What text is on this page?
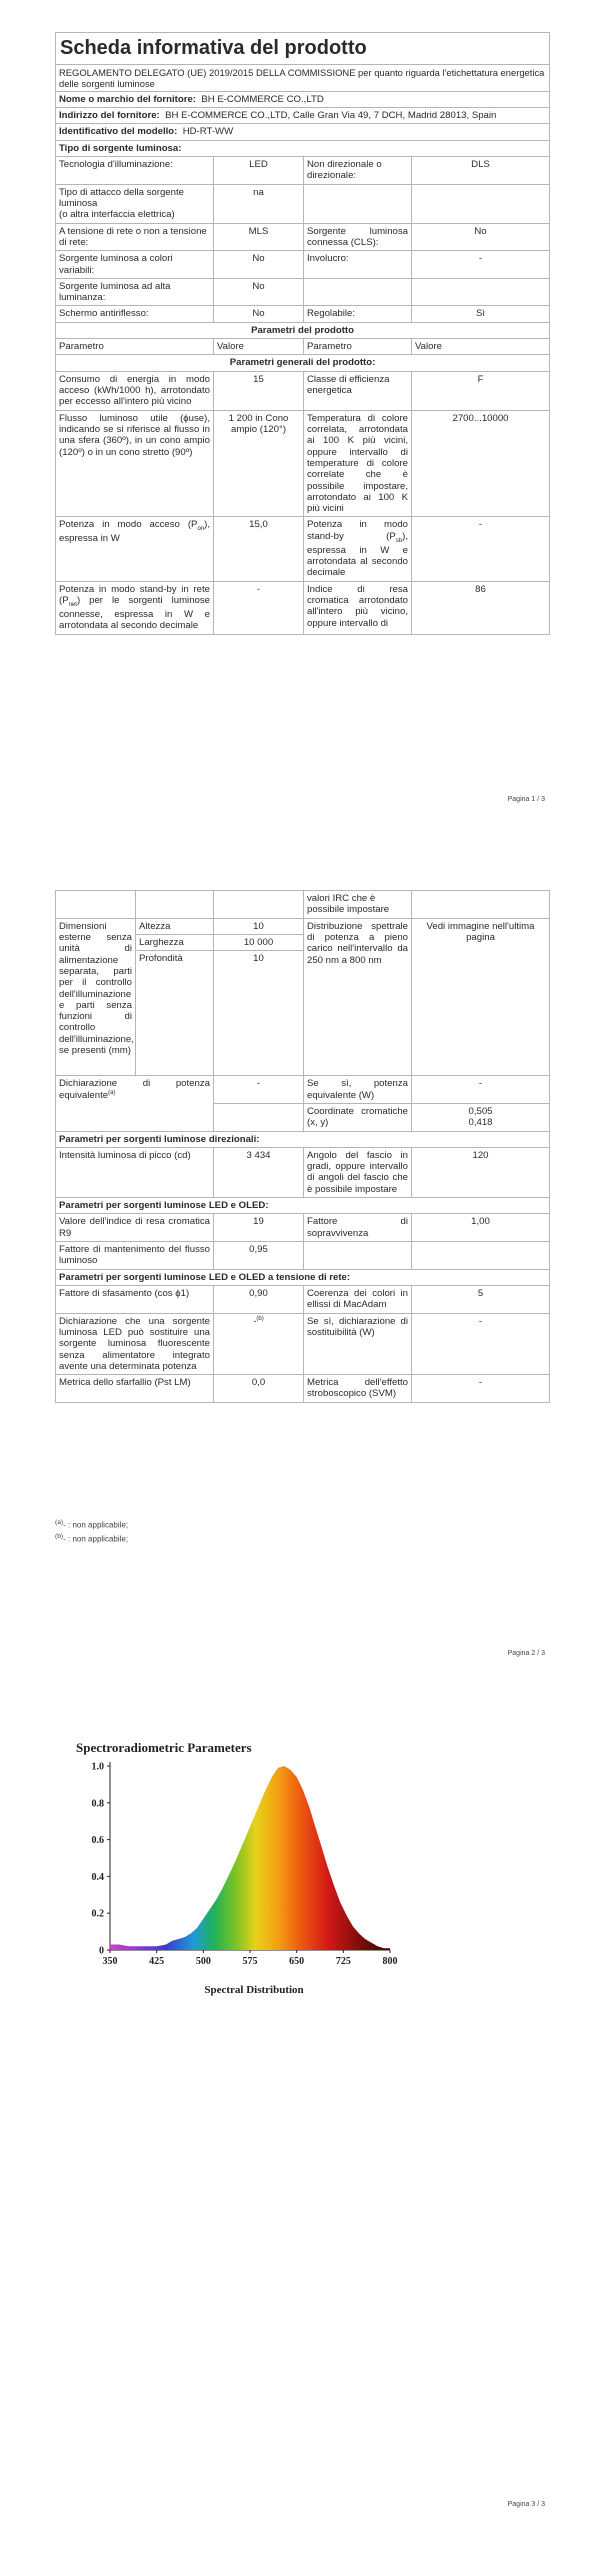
Scheda informativa del prodotto			
REGOLAMENTO DELEGATO (UE) 2019/2015 DELLA COMMISSIONE per quanto riguarda l'etichettatura energetica delle sorgenti luminose			
Nome o marchio del fornitore: BH E-COMMERCE CO.,LTD			
Indirizzo del fornitore: BH E-COMMERCE CO.,LTD, Calle Gran Via 49, 7 DCH, Madrid 28013, Spain			
Identificativo del modello: HD-RT-WW			
Tipo di sorgente luminosa:			
Tecnologia d'illuminazione:	LED	Non direzionale o direzionale:	DLS
Tipo di attacco della sorgente luminosa
(o altra interfaccia elettrica)	na		
A tensione di rete o non a tensione di rete:	MLS	Sorgente luminosa connessa (CLS):	No
Sorgente luminosa a colori variabili:	No	Involucro:	-
Sorgente luminosa ad alta luminanza:	No		
Schermo antiriflesso:	No	Regolabile:	Sì
Parametri del prodotto			
Parametro	Valore	Parametro	Valore
Parametri generali del prodotto:			
Consumo di energia in modo acceso (kWh/1000 h), arrotondato per eccesso all'intero più vicino	15	Classe di efficienza energetica	F
Flusso luminoso utile (ϕuse), indicando se si riferisce al flusso in una sfera (360º), in un cono ampio (120º) o in un cono stretto (90º)	1 200 in Cono ampio (120°)	Temperatura di colore correlata, arrotondata ai 100 K più vicini, oppure intervallo di temperature di colore correlate che è possibile impostare, arrotondato ai 100 K più vicini	2700...10000
Potenza in modo acceso $(P_{on})$, espressa in W	15,0	Potenza in modo stand-by $(P_{sb})$, espressa in W e arrotondata al secondo decimale	-
Potenza in modo stand-by in rete $(P_{net})$ per le sorgenti luminose connesse, espressa in W e arrotondata al secondo decimale	-	Indice di resa cromatica arrotondato all'intero più vicino, oppure intervallo di	86
Pagina 1 / 3
			valori IRC che è possibile impostare	
Dimensioni esterne senza unità di alimentazione separata, parti per il controllo dell'illuminazione e parti senza funzioni di controllo dell'illuminazione, se presenti (mm)	Altezza	10	Distribuzione spettrale di potenza a pieno carico nell'intervallo da 250 nm a 800 nm	Vedi immagine nell'ultima pagina
	Larghezza	10 000		
	Profondità	10		
Dichiarazione di potenza equivalente$^{(a)}$		-	Se sì, potenza equivalente (W)	-
			Coordinate cromatiche (x, y)	0,505
0,418

Parametri per sorgenti luminose direzionali:				
Intensità luminosa di picco (cd)		3 434	Angolo del fascio in gradi, oppure intervallo di angoli del fascio che è possibile impostare	120
Parametri per sorgenti luminose LED e OLED:				
Valore dell'indice di resa cromatica R9		19	Fattore di sopravvivenza	1,00
Fattore di mantenimento del flusso luminoso		0,95		
Parametri per sorgenti luminose LED e OLED a tensione di rete:				
Fattore di sfasamento (cos ϕ1)		0,90	Coerenza dei colori in ellissi di MacAdam	5
Dichiarazione che una sorgente luminosa LED può sostituire una sorgente luminosa fluorescente senza alimentatore integrato avente una determinata potenza		-$^{(b)}$	Se sì, dichiarazione di sostituibilità (W)	-
Metrica dello sfarfallio (Pst LM)		0,0	Metrica dell'effetto stroboscopico (SVM)	-
$^{(a)}$- : non applicabile;
$^{(b)}$- : non applicabile;
Pagina 2 / 3
Spectroradiometric Parameters
0
0.2
0.4
0.6
0.8
1.0
350	425	500	575	650	725	800
Spectral Distribution
Pagina 3 / 3
